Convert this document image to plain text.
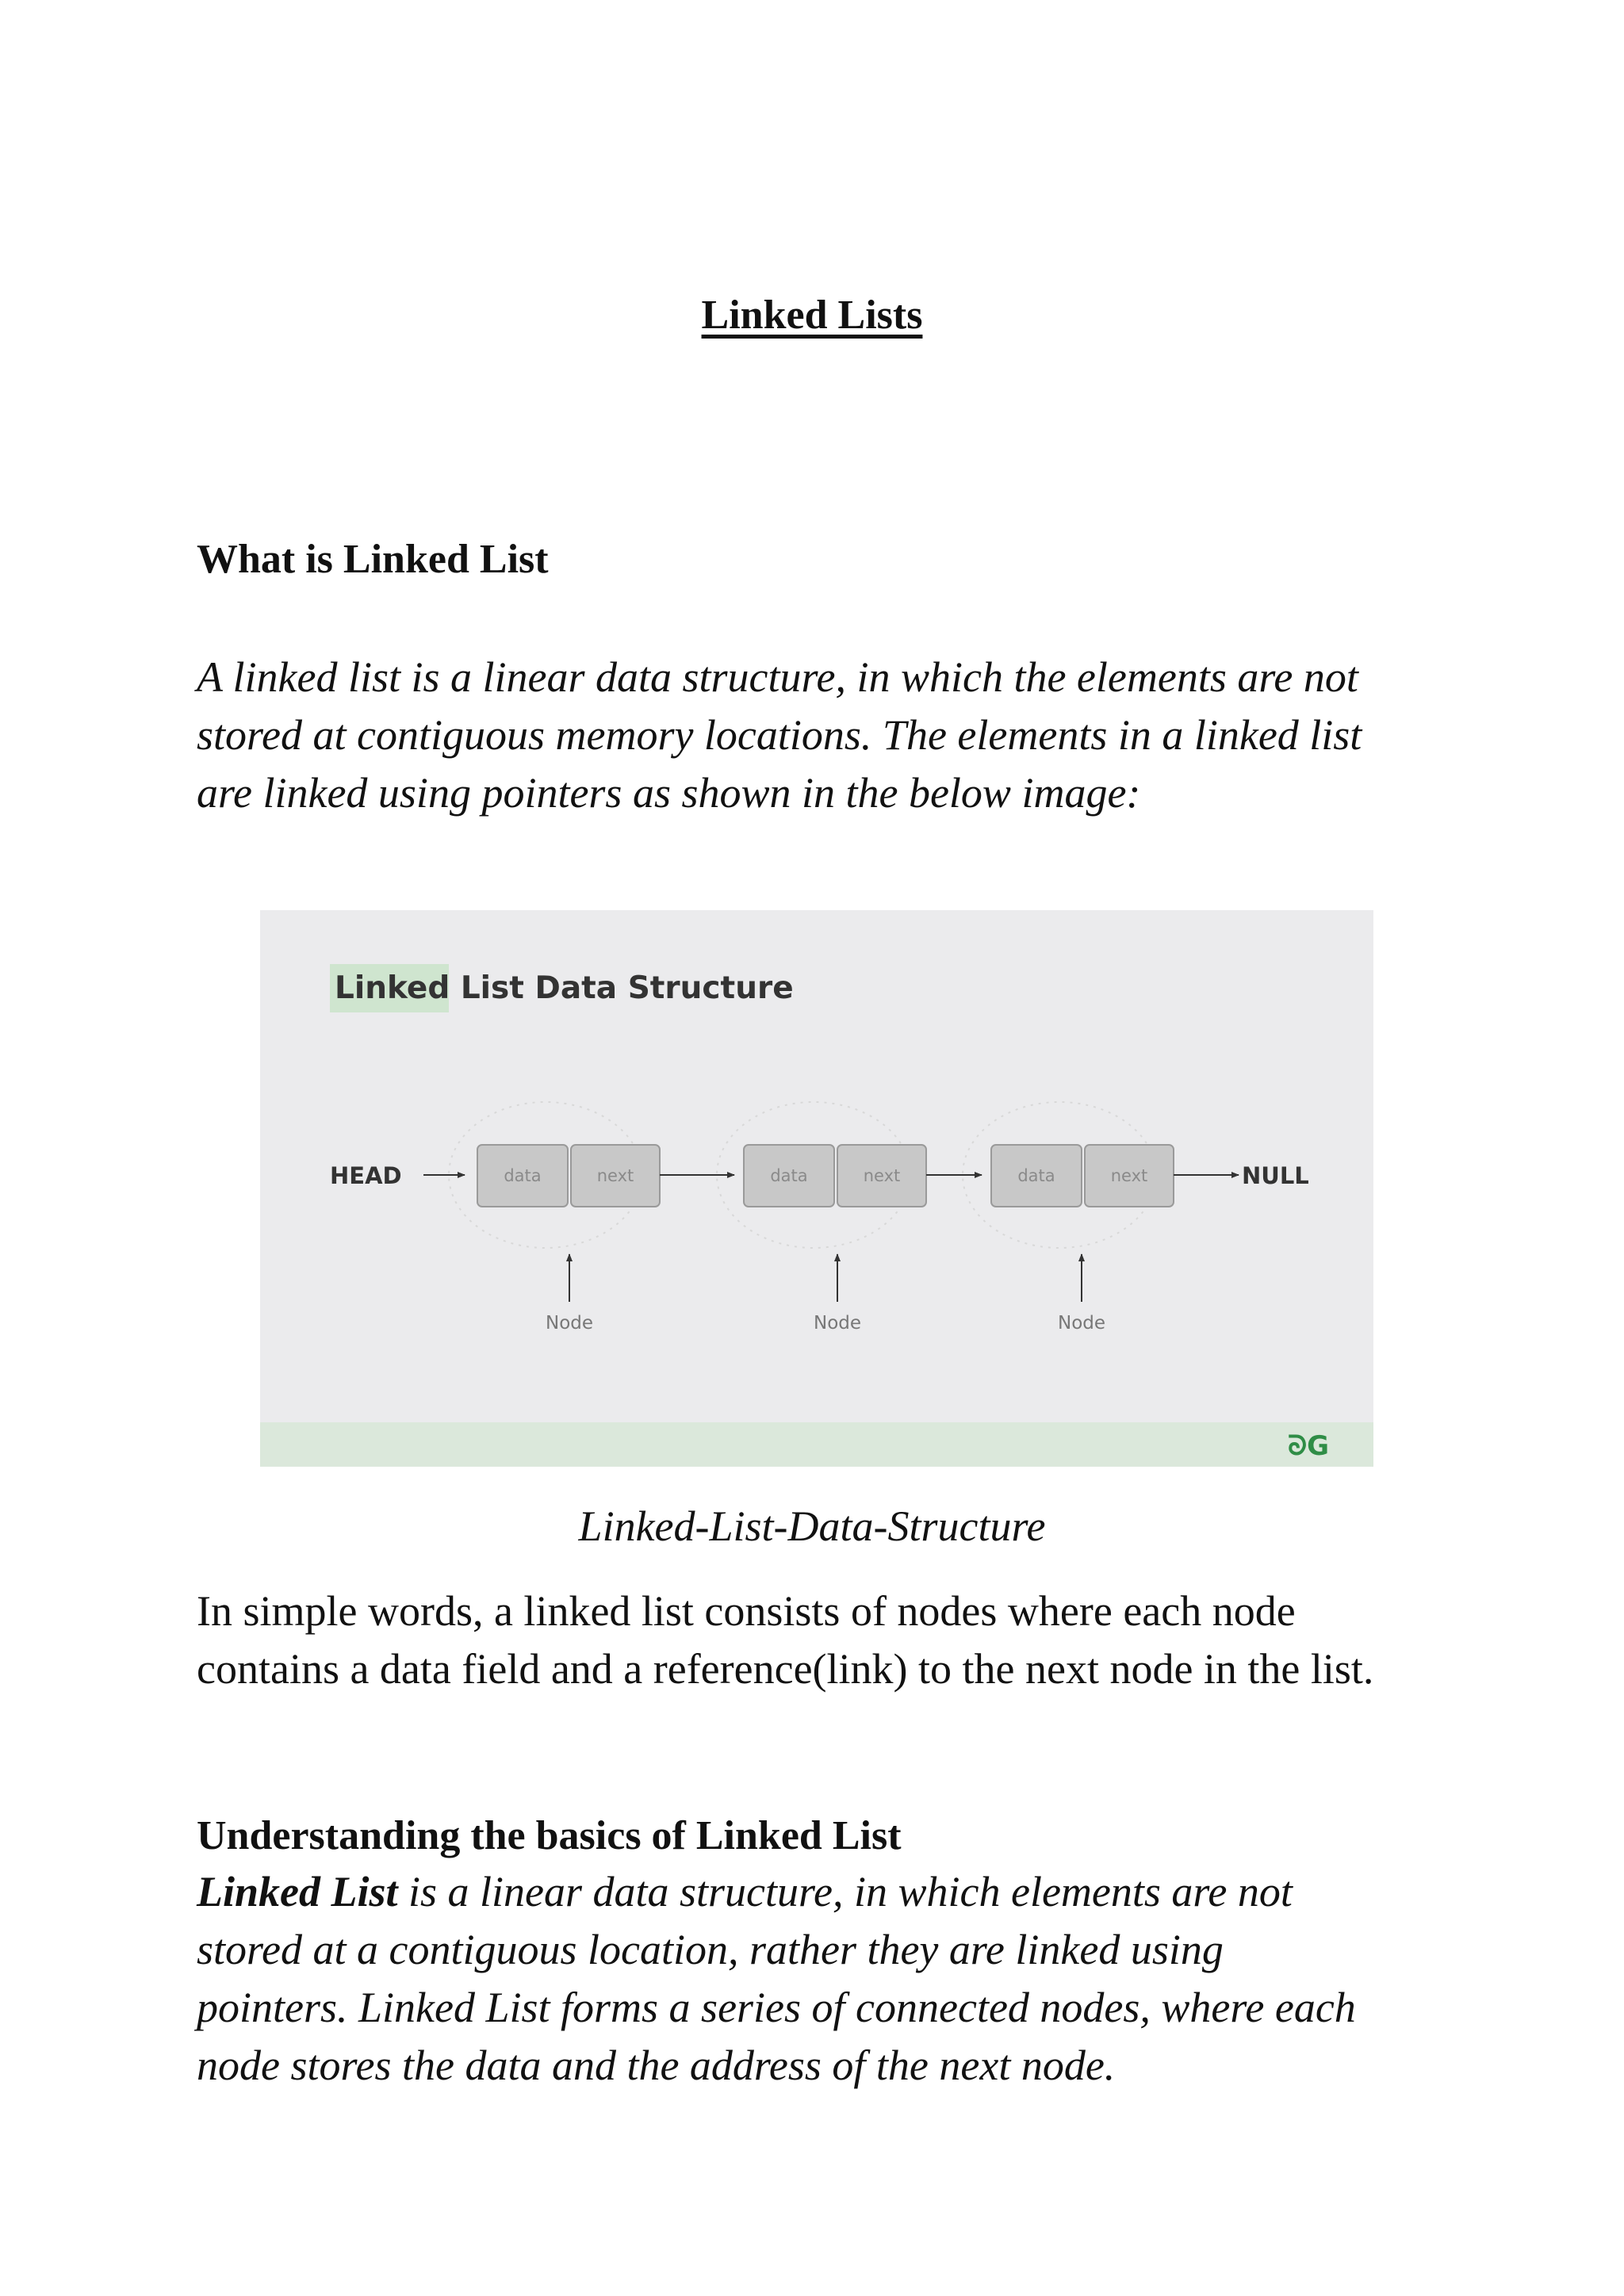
Linked Lists
What is Linked List
A linked list is a linear data structure, in which the elements are not
stored at contiguous memory locations. The elements in a linked list
are linked using pointers as shown in the below image:
Linked List Data Structure
HEAD	data	next
Node
data	next
Node
data	next
Node
NULL
ᘐG
Linked-List-Data-Structure
In simple words, a linked list consists of nodes where each node
contains a data field and a reference(link) to the next node in the list.
Understanding the basics of Linked List
Linked List is a linear data structure, in which elements are not
stored at a contiguous location, rather they are linked using
pointers. Linked List forms a series of connected nodes, where each
node stores the data and the address of the next node.
